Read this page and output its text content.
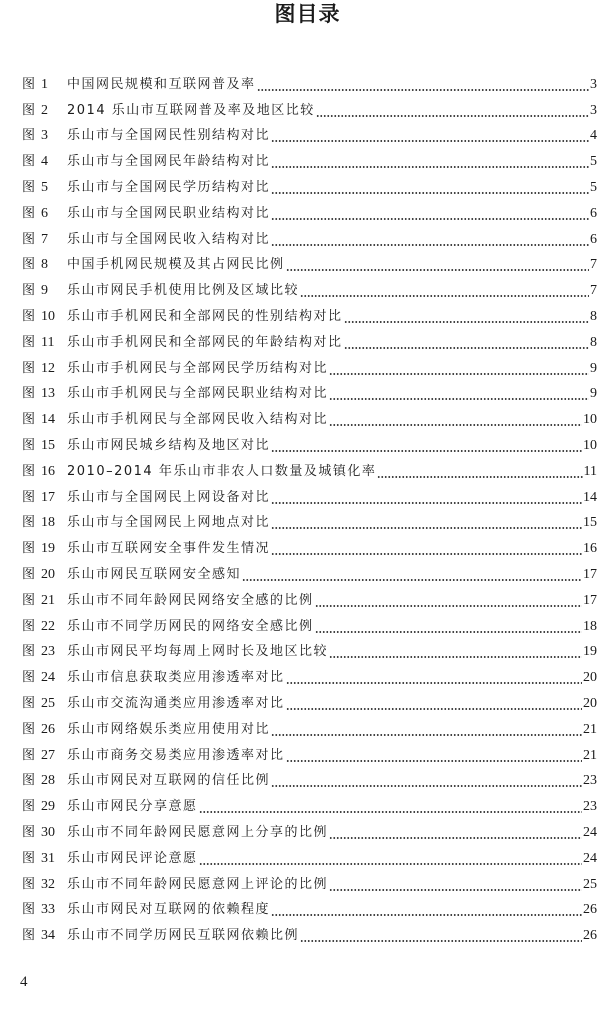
图目录
图 1	中国网民规模和互联网普及率	3
图 2	2014 乐山市互联网普及率及地区比较	3
图 3	乐山市与全国网民性别结构对比	4
图 4	乐山市与全国网民年龄结构对比	5
图 5	乐山市与全国网民学历结构对比	5
图 6	乐山市与全国网民职业结构对比	6
图 7	乐山市与全国网民收入结构对比	6
图 8	中国手机网民规模及其占网民比例	7
图 9	乐山市网民手机使用比例及区域比较	7
图 10 乐山市手机网民和全部网民的性别结构对比	8
图 11 乐山市手机网民和全部网民的年龄结构对比	8
图 12 乐山市手机网民与全部网民学历结构对比	9
图 13 乐山市手机网民与全部网民职业结构对比	9
图 14 乐山市手机网民与全部网民收入结构对比	10
图 15 乐山市网民城乡结构及地区对比	10
图 16 2010–2014 年乐山市非农人口数量及城镇化率	11
图 17 乐山市与全国网民上网设备对比	14
图 18 乐山市与全国网民上网地点对比	15
图 19 乐山市互联网安全事件发生情况	16
图 20 乐山市网民互联网安全感知	17
图 21 乐山市不同年龄网民网络安全感的比例	17
图 22 乐山市不同学历网民的网络安全感比例	18
图 23 乐山市网民平均每周上网时长及地区比较	19
图 24 乐山市信息获取类应用渗透率对比	20
图 25 乐山市交流沟通类应用渗透率对比	20
图 26 乐山市网络娱乐类应用使用对比	21
图 27 乐山市商务交易类应用渗透率对比	21
图 28 乐山市网民对互联网的信任比例	23
图 29 乐山市网民分享意愿	23
图 30 乐山市不同年龄网民愿意网上分享的比例	24
图 31 乐山市网民评论意愿	24
图 32 乐山市不同年龄网民愿意网上评论的比例	25
图 33 乐山市网民对互联网的依赖程度	26
图 34 乐山市不同学历网民互联网依赖比例	26
4
